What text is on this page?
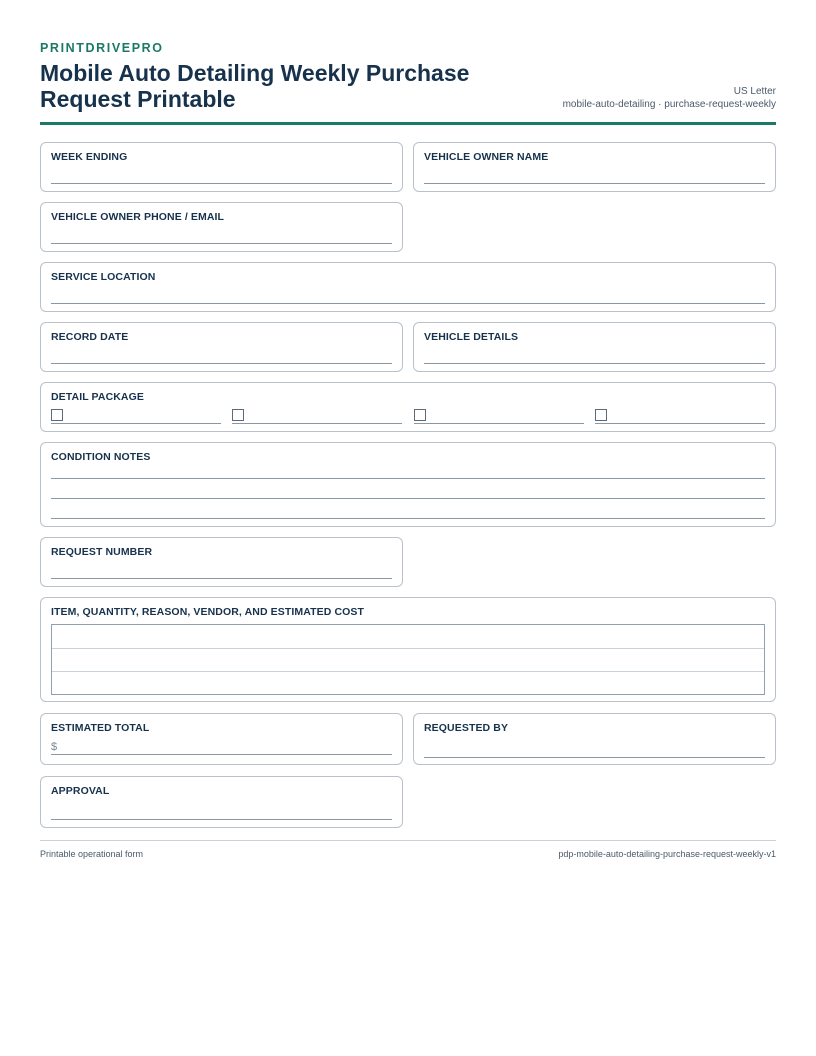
PRINTDRIVEPRO
Mobile Auto Detailing Weekly Purchase Request Printable	US Letter
mobile-auto-detailing · purchase-request-weekly
WEEK ENDING	VEHICLE OWNER NAME
VEHICLE OWNER PHONE / EMAIL
SERVICE LOCATION
RECORD DATE	VEHICLE DETAILS
DETAIL PACKAGE
CONDITION NOTES
REQUEST NUMBER
ITEM, QUANTITY, REASON, VENDOR, AND ESTIMATED COST
ESTIMATED TOTAL
$
REQUESTED BY
APPROVAL
Printable operational form	pdp-mobile-auto-detailing-purchase-request-weekly-v1
